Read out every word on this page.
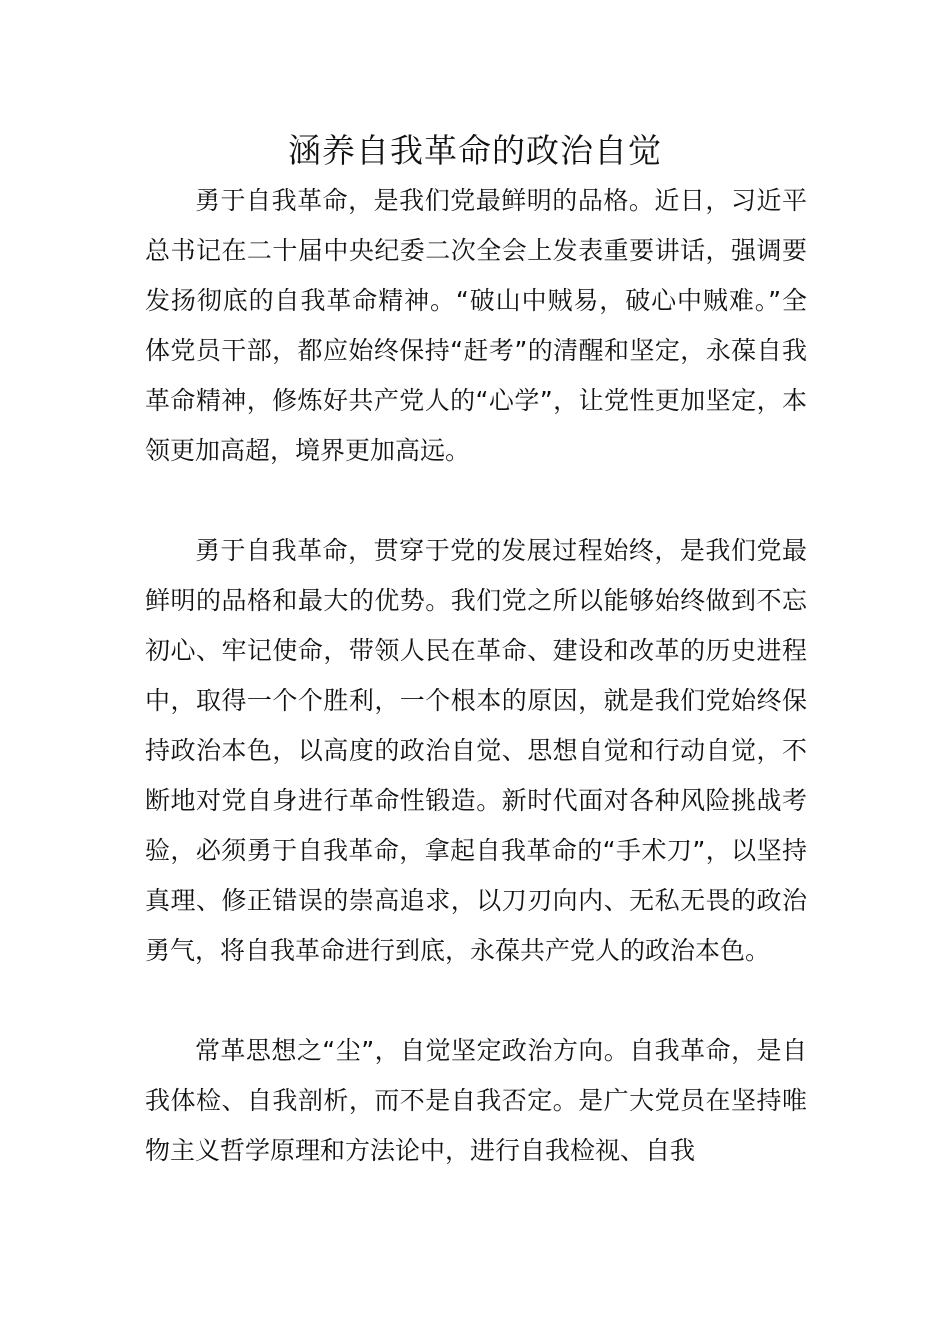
涵养自我革命的政治自觉

勇于自我革命，是我们党最鲜明的品格。近日，习近平总书记在二十届中央纪委二次全会上发表重要讲话，强调要发扬彻底的自我革命精神。“破山中贼易，破心中贼难。”全体党员干部，都应始终保持“赶考”的清醒和坚定，永葆自我革命精神，修炼好共产党人的“心学”，让党性更加坚定，本领更加高超，境界更加高远。

勇于自我革命，贯穿于党的发展过程始终，是我们党最鲜明的品格和最大的优势。我们党之所以能够始终做到不忘初心、牢记使命，带领人民在革命、建设和改革的历史进程中，取得一个个胜利，一个根本的原因，就是我们党始终保持政治本色，以高度的政治自觉、思想自觉和行动自觉，不断地对党自身进行革命性锻造。新时代面对各种风险挑战考验，必须勇于自我革命，拿起自我革命的“手术刀”，以坚持真理、修正错误的崇高追求，以刀刃向内、无私无畏的政治勇气，将自我革命进行到底，永葆共产党人的政治本色。

常革思想之“尘”，自觉坚定政治方向。自我革命，是自我体检、自我剖析，而不是自我否定。是广大党员在坚持唯物主义哲学原理和方法论中，进行自我检视、自我
